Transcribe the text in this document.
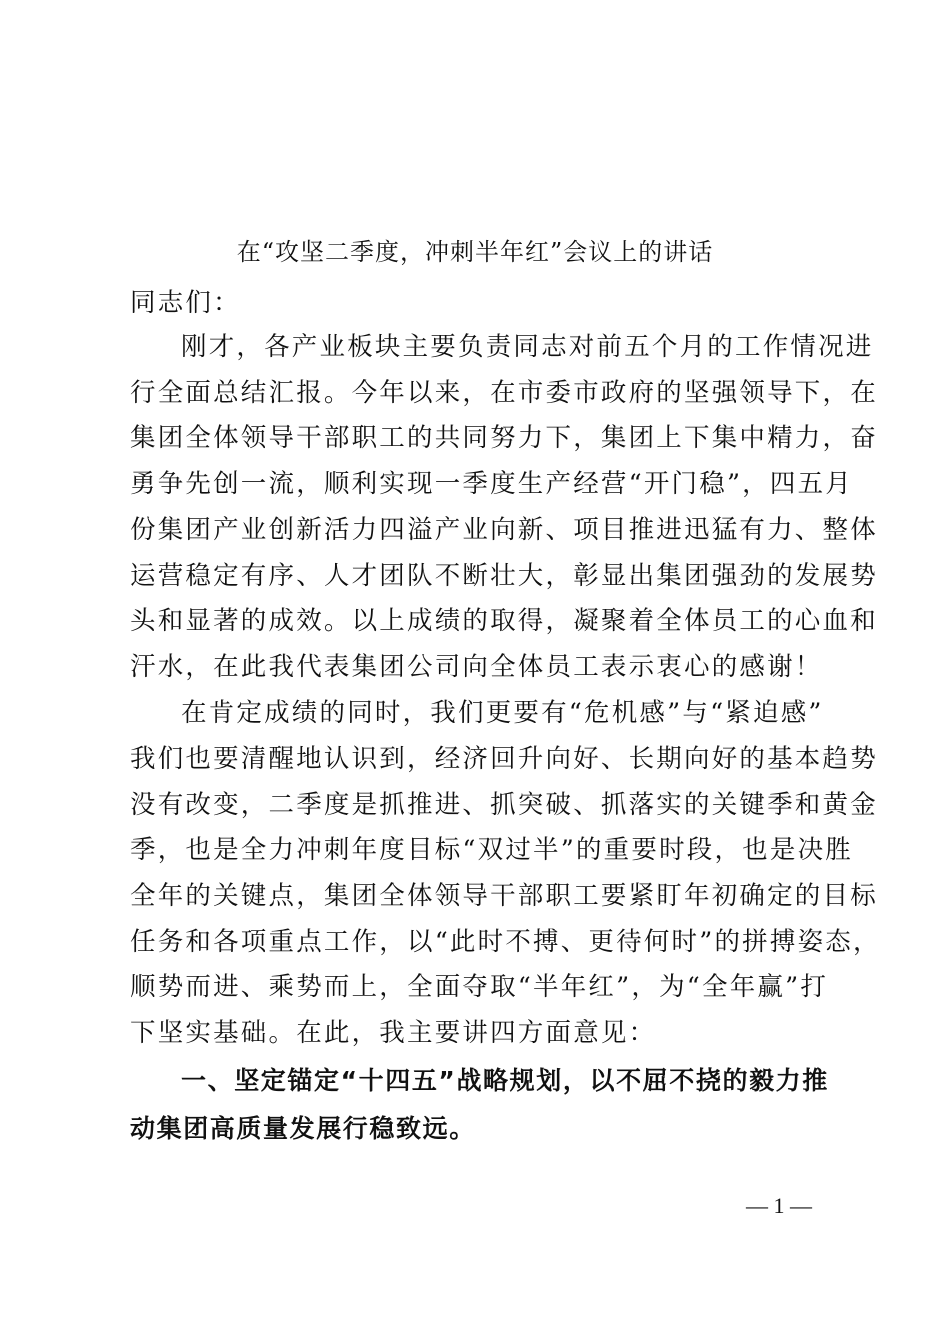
在“攻坚二季度，冲刺半年红”会议上的讲话
同志们：
刚才，各产业板块主要负责同志对前五个月的工作情况进
行全面总结汇报。今年以来，在市委市政府的坚强领导下，在
集团全体领导干部职工的共同努力下，集团上下集中精力，奋
勇争先创一流，顺利实现一季度生产经营“开门稳”，四五月
份集团产业创新活力四溢产业向新、项目推进迅猛有力、整体
运营稳定有序、人才团队不断壮大，彰显出集团强劲的发展势
头和显著的成效。以上成绩的取得，凝聚着全体员工的心血和
汗水，在此我代表集团公司向全体员工表示衷心的感谢！
在肯定成绩的同时，我们更要有“危机感”与“紧迫感”
我们也要清醒地认识到，经济回升向好、长期向好的基本趋势
没有改变，二季度是抓推进、抓突破、抓落实的关键季和黄金
季，也是全力冲刺年度目标“双过半”的重要时段，也是决胜
全年的关键点，集团全体领导干部职工要紧盯年初确定的目标
任务和各项重点工作，以“此时不搏、更待何时”的拼搏姿态，
顺势而进、乘势而上，全面夺取“半年红”，为“全年赢”打
下坚实基础。在此，我主要讲四方面意见：
一、坚定锚定“十四五”战略规划，以不屈不挠的毅力推
动集团高质量发展行稳致远。
— 1 —
